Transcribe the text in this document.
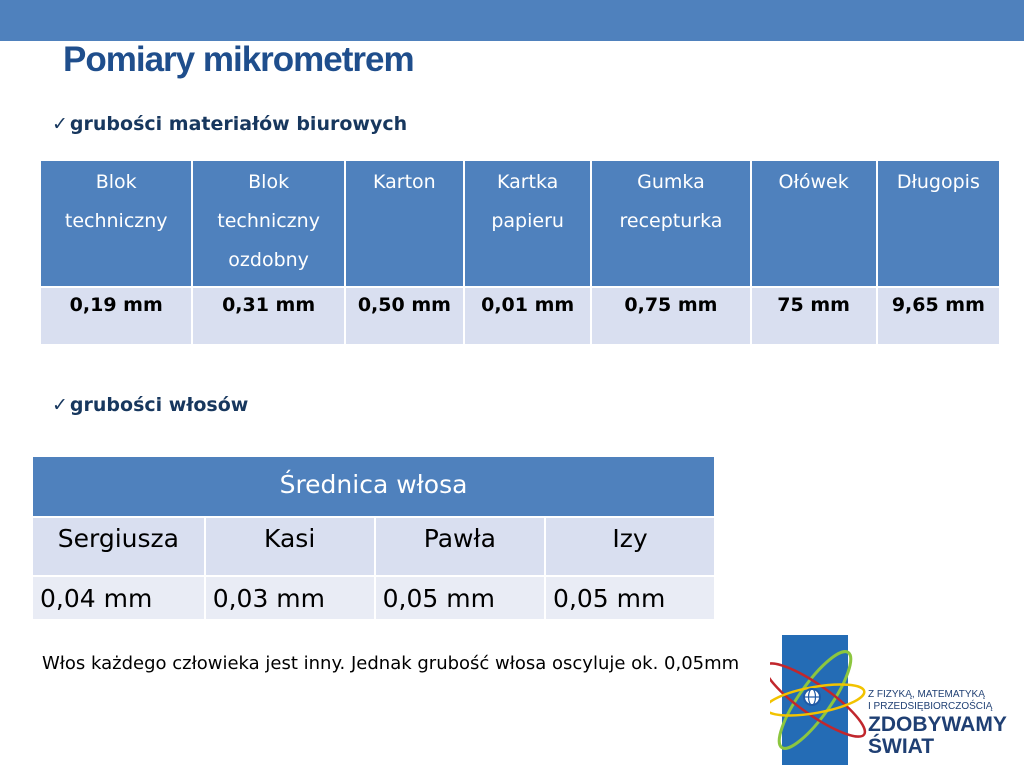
Pomiary mikrometrem
✓ grubości materiałów biurowych
Blok techniczny	Blok techniczny ozdobny	Karton	Kartka papieru	Gumka recepturka	Ołówek	Długopis
0,19 mm	0,31 mm	0,50 mm	0,01 mm	0,75 mm	75 mm	9,65 mm
✓ grubości włosów
Średnica włosa			
Sergiusza	Kasi	Pawła	Izy
0,04 mm	0,03 mm	0,05 mm	0,05 mm
Włos każdego człowieka jest inny. Jednak grubość włosa oscyluje ok. 0,05mm
Z FIZYKĄ, MATEMATYKĄ
I PRZEDSIĘBIORCZOŚCIĄ
ZDOBYWAMY
ŚWIAT
